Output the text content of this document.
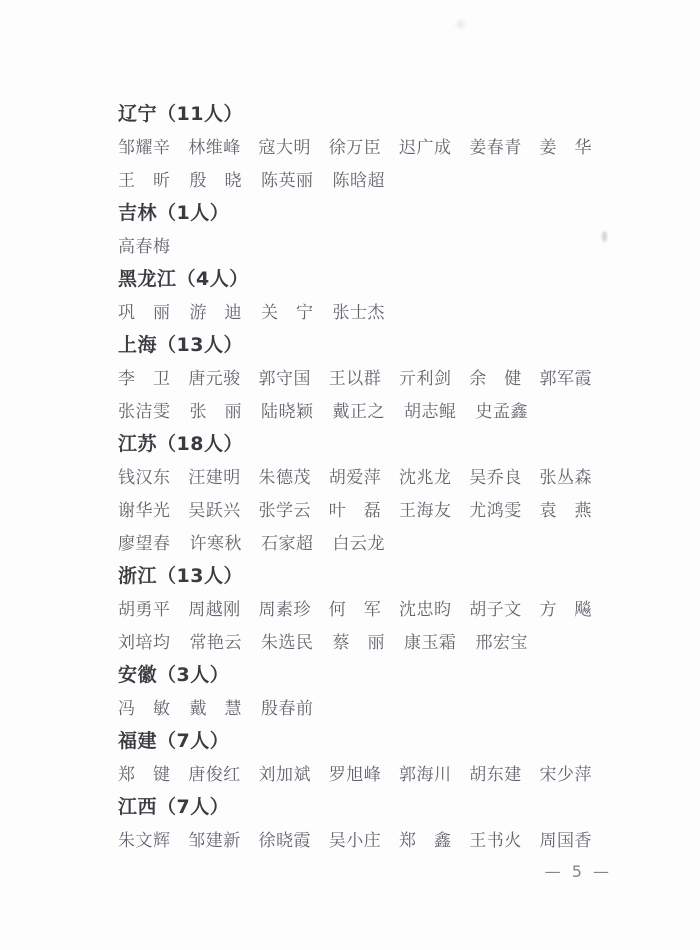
辽宁 （11人）
邹耀辛 林维峰 寇大明 徐万臣 迟广成 姜春青 姜　华
王　昕 殷　晓 陈英丽 陈晗超
吉林 （1人）
高春梅
黑龙江 （4人）
巩　丽 游　迪 关　宁 张士杰
上海 （13人）
李　卫 唐元骏 郭守国 王以群 亓利剑 余　健 郭军霞
张洁雯 张　丽 陆晓颖 戴正之 胡志鲲 史孟鑫
江苏 （18人）
钱汉东 汪建明 朱德茂 胡爱萍 沈兆龙 吴乔良 张丛森
谢华光 吴跃兴 张学云 叶　磊 王海友 尤鸿雯 袁　燕
廖望春 许寒秋 石家超 白云龙
浙江 （13人）
胡勇平 周越刚 周素珍 何　军 沈忠昀 胡子文 方　飚
刘培均 常艳云 朱选民 蔡　丽 康玉霜 邢宏宝
安徽 （3人）
冯　敏 戴　慧 殷春前
福建 （7人）
郑　键 唐俊红 刘加斌 罗旭峰 郭海川 胡东建 宋少萍
江西 （7人）
朱文辉 邹建新 徐晓霞 吴小庄 郑　鑫 王书火 周国香
— 5 —
